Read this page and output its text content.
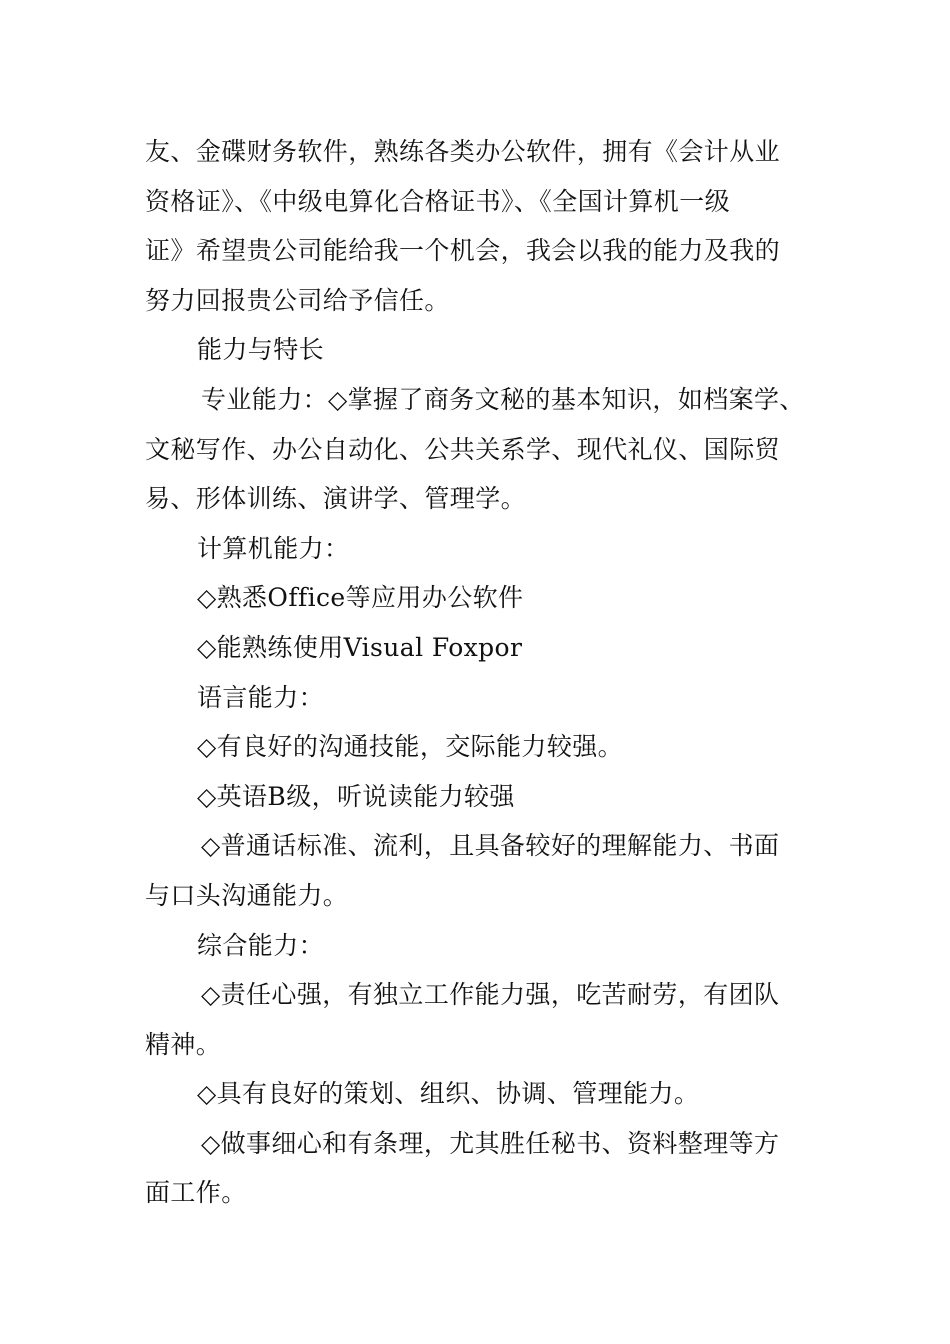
友、金碟财务软件，熟练各类办公软件，拥有《会计从业

资格证》、《中级电算化合格证书》、《全国计算机一级

证》希望贵公司能给我一个机会，我会以我的能力及我的

努力回报贵公司给予信任。

能力与特长

专业能力：◇掌握了商务文秘的基本知识，如档案学、

文秘写作、办公自动化、公共关系学、现代礼仪、国际贸

易、形体训练、演讲学、管理学。

计算机能力：

◇熟悉Office等应用办公软件

◇能熟练使用Visual Foxpor

语言能力：

◇有良好的沟通技能，交际能力较强。

◇英语B级，听说读能力较强

◇普通话标准、流利，且具备较好的理解能力、书面

与口头沟通能力。

综合能力：

◇责任心强，有独立工作能力强，吃苦耐劳，有团队

精神。

◇具有良好的策划、组织、协调、管理能力。

◇做事细心和有条理，尤其胜任秘书、资料整理等方

面工作。
